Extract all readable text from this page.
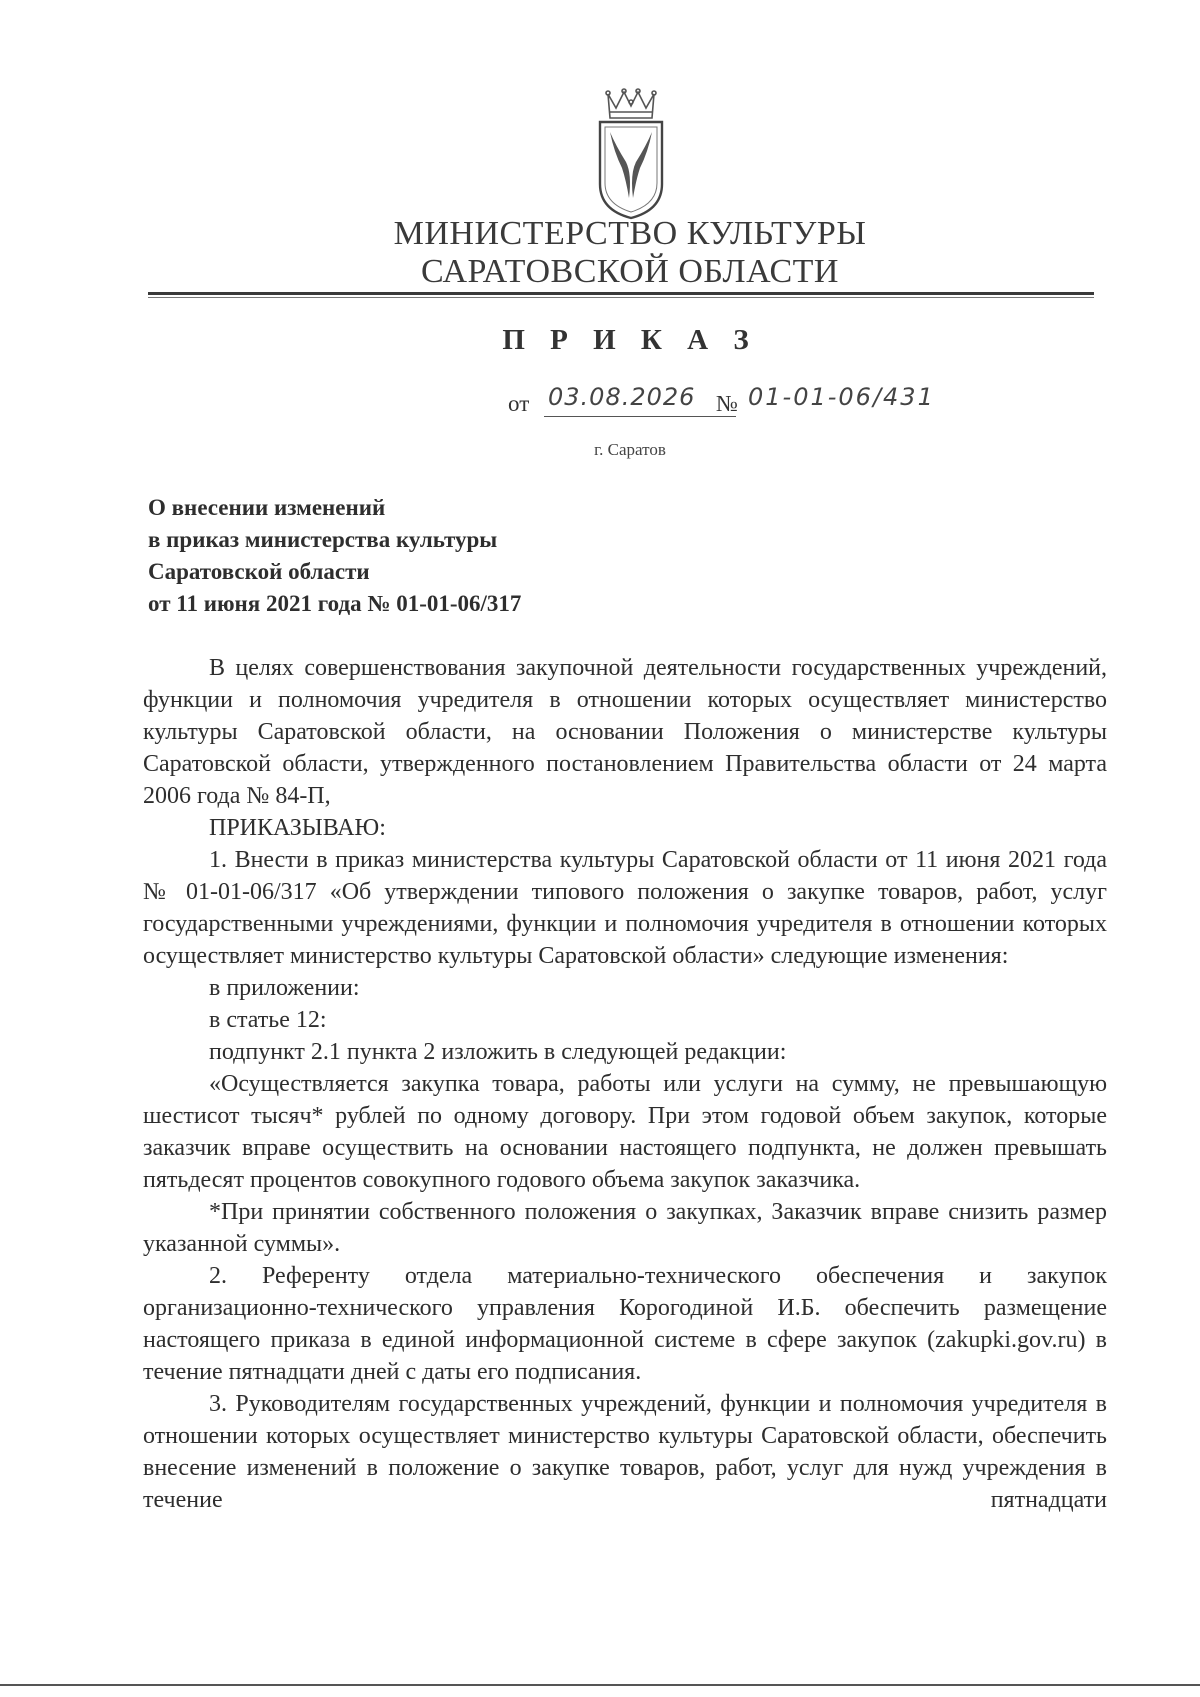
МИНИСТЕРСТВО КУЛЬТУРЫ
САРАТОВСКОЙ ОБЛАСТИ
П Р И К А З
от 03.08.2026 № 01-01-06/431
г. Саратов
О внесении изменений
в приказ министерства культуры
Саратовской области
от 11 июня 2021 года № 01-01-06/317

В целях совершенствования закупочной деятельности государственных учреждений, функции и полномочия учредителя в отношении которых осуществляет министерство культуры Саратовской области, на основании Положения о министерстве культуры Саратовской области, утвержденного постановлением Правительства области от 24 марта 2006 года № 84-П,

ПРИКАЗЫВАЮ:

1. Внести в приказ министерства культуры Саратовской области от 11 июня 2021 года № 01-01-06/317 «Об утверждении типового положения о закупке товаров, работ, услуг государственными учреждениями, функции и полномочия учредителя в отношении которых осуществляет министерство культуры Саратовской области» следующие изменения:

в приложении:

в статье 12:

подпункт 2.1 пункта 2 изложить в следующей редакции:

«Осуществляется закупка товара, работы или услуги на сумму, не превышающую шестисот тысяч* рублей по одному договору. При этом годовой объем закупок, которые заказчик вправе осуществить на основании настоящего подпункта, не должен превышать пятьдесят процентов совокупного годового объема закупок заказчика.

*При принятии собственного положения о закупках, Заказчик вправе снизить размер указанной суммы».

2. Референту отдела материально-технического обеспечения и закупок организационно-технического управления Корогодиной И.Б. обеспечить размещение настоящего приказа в единой информационной системе в сфере закупок (zakupki.gov.ru) в течение пятнадцати дней с даты его подписания.

3. Руководителям государственных учреждений, функции и полномочия учредителя в отношении которых осуществляет министерство культуры Саратовской области, обеспечить внесение изменений в положение о закупке товаров, работ, услуг для нужд учреждения в течение пятнадцати
